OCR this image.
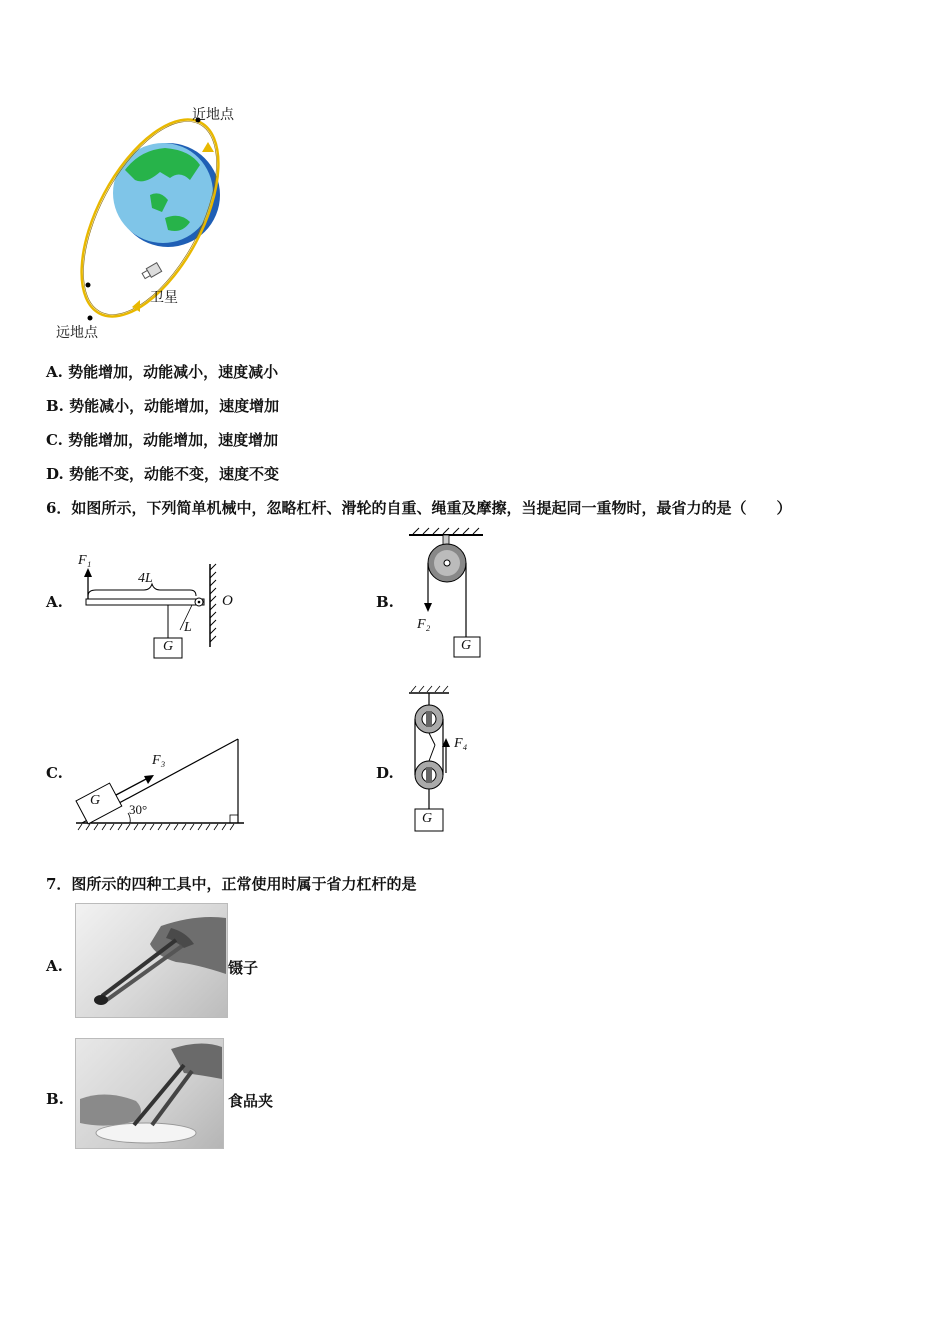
近地点
远地点
卫星
A. 势能增加，动能减小，速度减小
B. 势能减小，动能增加，速度增加
C. 势能增加，动能增加，速度增加
D. 势能不变，动能不变，速度不变
6．如图所示，下列简单机械中，忽略杠杆、滑轮的自重、绳重及摩擦，当提起同一重物时，最省力的是（　　）
A.	B.
C.	D.
F₁
4L
L
O
G
F₂
G
F₃
G
30°
F₄
G
7．图所示的四种工具中，正常使用时属于省力杠杆的是
A.	镊子
B.	食品夹
